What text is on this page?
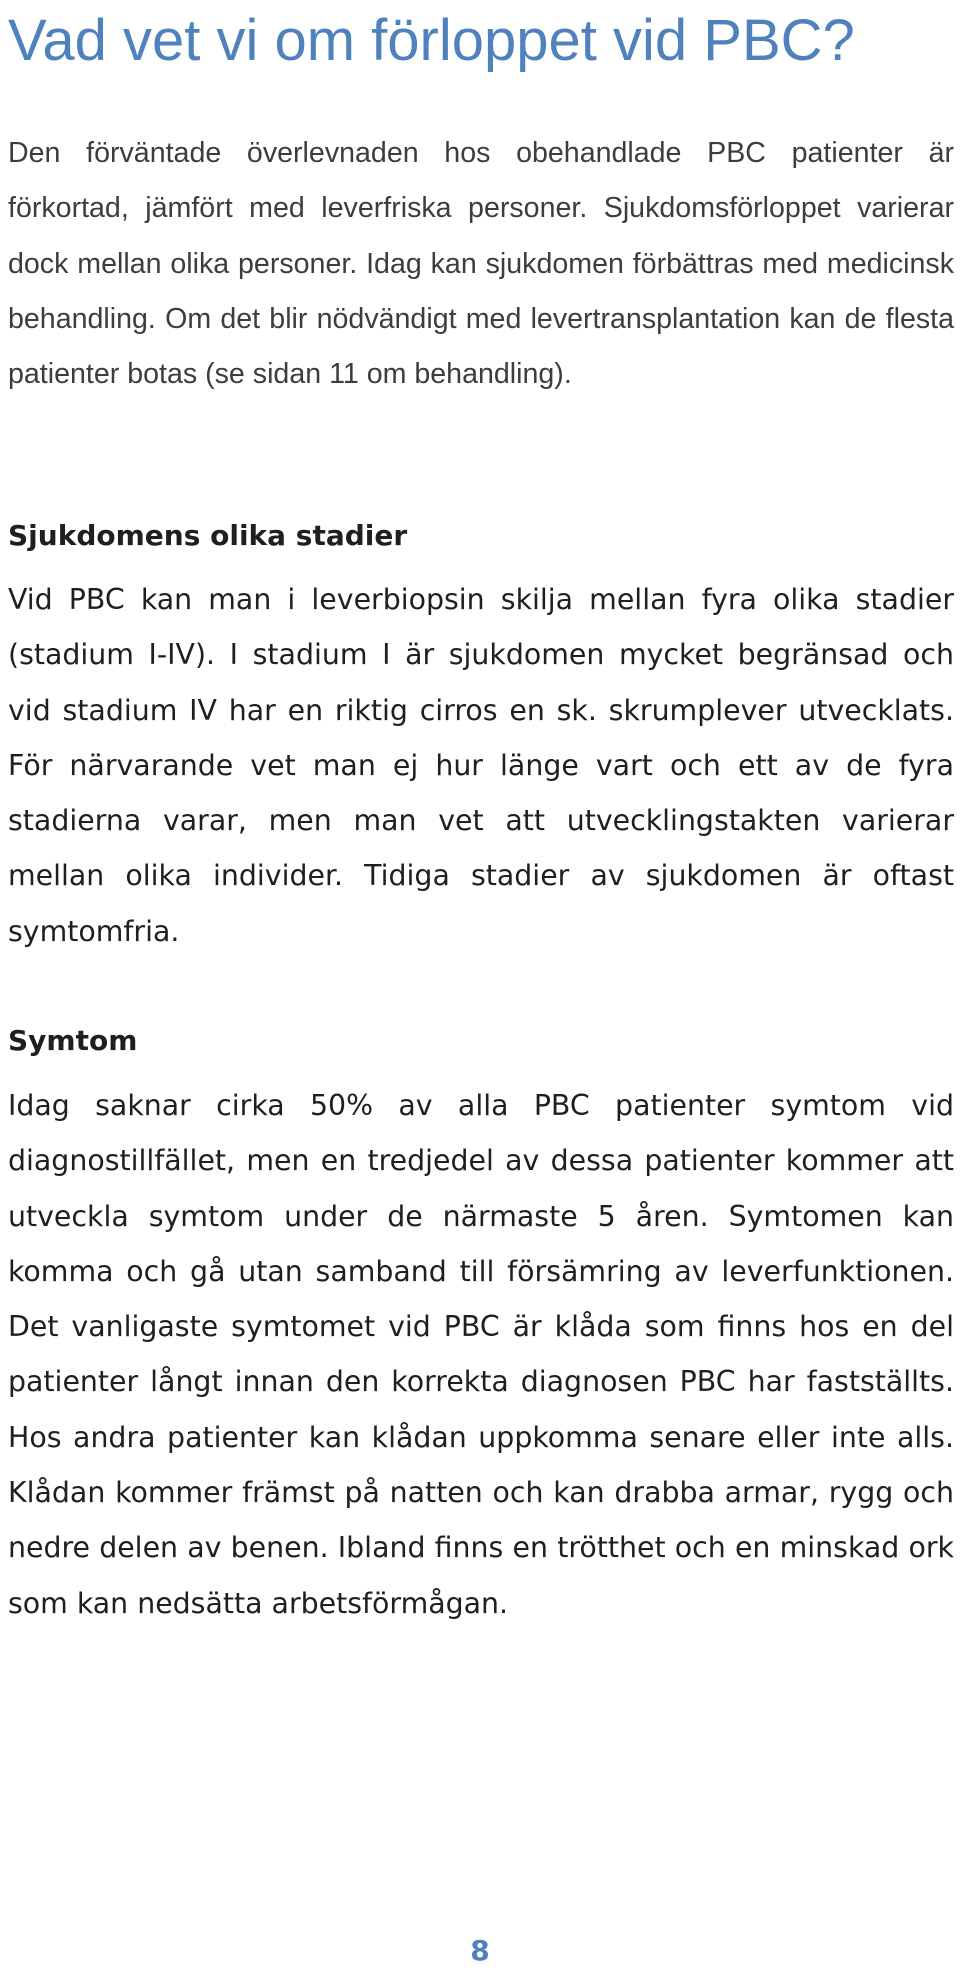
Vad vet vi om förloppet vid PBC?

Den förväntade överlevnaden hos obehandlade PBC patienter är förkortad, jämfört med leverfriska personer. Sjukdomsförloppet varierar dock mellan olika personer. Idag kan sjukdomen förbättras med medicinsk behandling. Om det blir nödvändigt med levertransplantation kan de flesta patienter botas (se sidan 11 om behandling).

Sjukdomens olika stadier

Vid PBC kan man i leverbiopsin skilja mellan fyra olika stadier (stadium I-IV). I stadium I är sjukdomen mycket begränsad och vid stadium IV har en riktig cirros en sk. skrumplever utvecklats. För närvarande vet man ej hur länge vart och ett av de fyra stadierna varar, men man vet att utvecklingstakten varierar mellan olika individer. Tidiga stadier av sjukdomen är oftast symtomfria.

Symtom

Idag saknar cirka 50% av alla PBC patienter symtom vid diagnostillfället, men en tredjedel av dessa patienter kommer att utveckla symtom under de närmaste 5 åren. Symtomen kan komma och gå utan samband till försämring av leverfunktionen. Det vanligaste symtomet vid PBC är klåda som finns hos en del patienter långt innan den korrekta diagnosen PBC har fastställts. Hos andra patienter kan klådan uppkomma senare eller inte alls. Klådan kommer främst på natten och kan drabba armar, rygg och nedre delen av benen. Ibland finns en trötthet och en minskad ork som kan nedsätta arbetsförmågan.

8
